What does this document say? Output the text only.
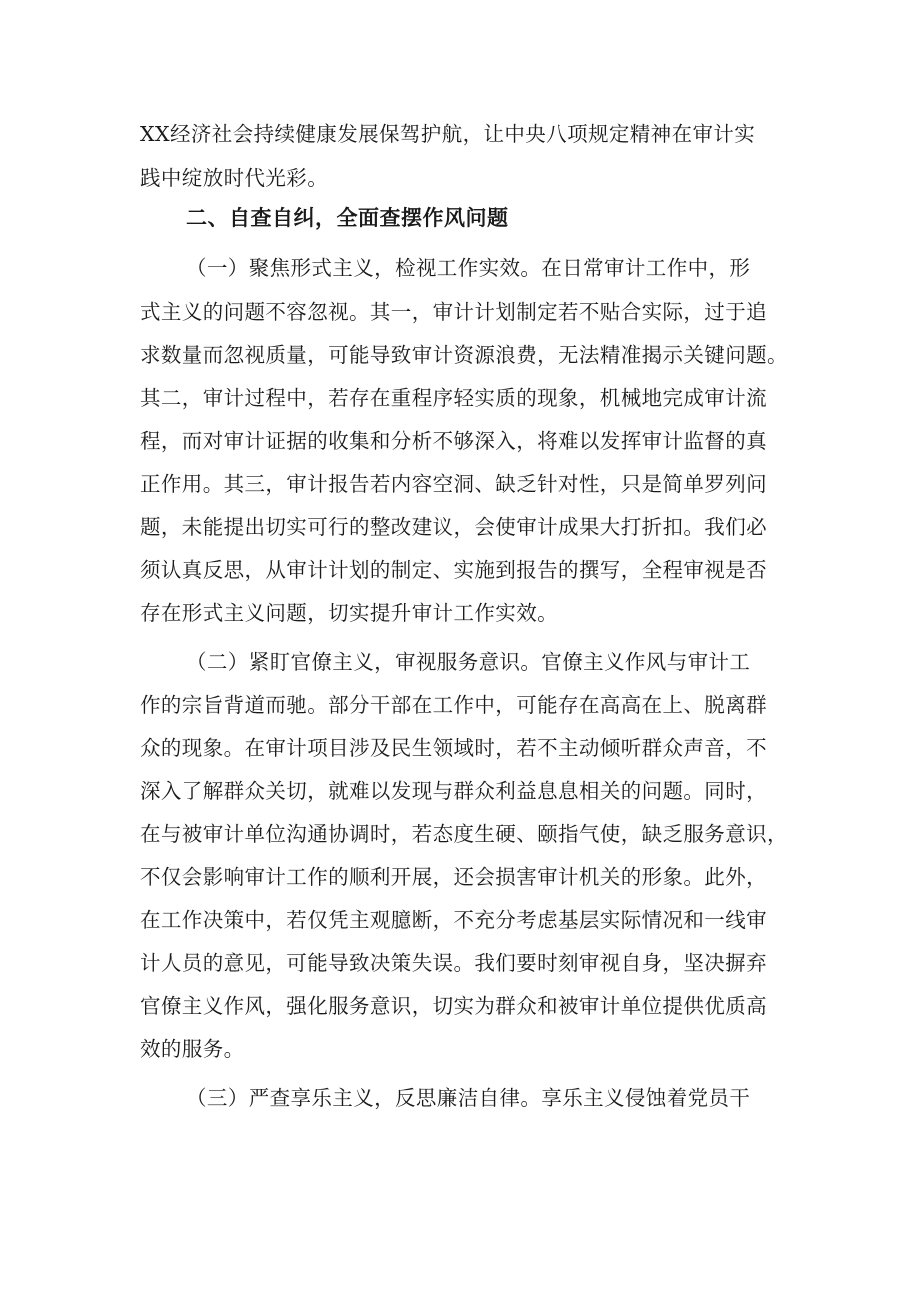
XX经济社会持续健康发展保驾护航，让中央八项规定精神在审计实

践中绽放时代光彩。

二、自查自纠，全面查摆作风问题

（一）聚焦形式主义，检视工作实效。在日常审计工作中，形

式主义的问题不容忽视。其一，审计计划制定若不贴合实际，过于追

求数量而忽视质量，可能导致审计资源浪费，无法精准揭示关键问题。

其二，审计过程中，若存在重程序轻实质的现象，机械地完成审计流

程，而对审计证据的收集和分析不够深入，将难以发挥审计监督的真

正作用。其三，审计报告若内容空洞、缺乏针对性，只是简单罗列问

题，未能提出切实可行的整改建议，会使审计成果大打折扣。我们必

须认真反思，从审计计划的制定、实施到报告的撰写，全程审视是否

存在形式主义问题，切实提升审计工作实效。

（二）紧盯官僚主义，审视服务意识。官僚主义作风与审计工

作的宗旨背道而驰。部分干部在工作中，可能存在高高在上、脱离群

众的现象。在审计项目涉及民生领域时，若不主动倾听群众声音，不

深入了解群众关切，就难以发现与群众利益息息相关的问题。同时，

在与被审计单位沟通协调时，若态度生硬、颐指气使，缺乏服务意识，

不仅会影响审计工作的顺利开展，还会损害审计机关的形象。此外，

在工作决策中，若仅凭主观臆断，不充分考虑基层实际情况和一线审

计人员的意见，可能导致决策失误。我们要时刻审视自身，坚决摒弃

官僚主义作风，强化服务意识，切实为群众和被审计单位提供优质高

效的服务。

（三）严查享乐主义，反思廉洁自律。享乐主义侵蚀着党员干
